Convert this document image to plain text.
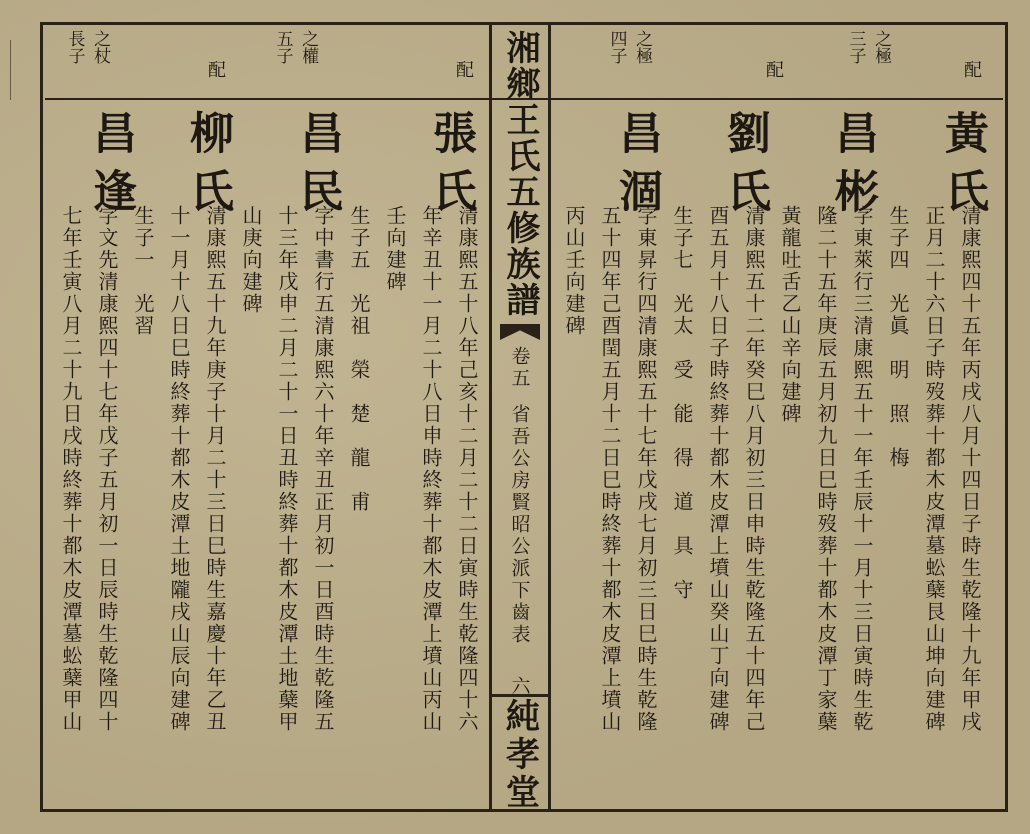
湘鄉王氏五修族譜
卷五
省吾公房賢昭公派下齒表
六
純孝堂
之極
三子
之極
四子
配
配
黃氏
昌彬
劉氏
昌涸
清康熙四十五年丙戌八月十四日子時生乾隆十九年甲戌
正月二十六日子時歿葬十都木皮潭墓蚣蘖艮山坤向建碑
生子四　光眞　明　照　梅
字東萊行三清康熙五十一年壬辰十一月十三日寅時生乾
隆二十五年庚辰五月初九日巳時歿葬十都木皮潭丁家蘖
黃龍吐舌乙山辛向建碑
清康熙五十二年癸巳八月初三日申時生乾隆五十四年己
酉五月十八日子時終葬十都木皮潭上墳山癸山丁向建碑
生子七　光太　受　能　得　道　具　守
字東昇行四清康熙五十七年戊戌七月初三日巳時生乾隆
五十四年己酉閏五月十二日巳時終葬十都木皮潭上墳山
丙山壬向建碑
之權
五子
之杖
長子
配
配
張氏
昌民
柳氏
昌逢
清康熙五十八年己亥十二月二十二日寅時生乾隆四十六
年辛丑十一月二十八日申時終葬十都木皮潭上墳山丙山
壬向建碑
生子五　光祖　榮　楚　龍　甫
字中書行五清康熙六十年辛丑正月初一日酉時生乾隆五
十三年戊申二月二十一日丑時終葬十都木皮潭土地蘖甲
山庚向建碑
清康熙五十九年庚子十月二十三日巳時生嘉慶十年乙丑
十一月十八日巳時終葬十都木皮潭土地隴戌山辰向建碑
生子一　光習
字文先清康熙四十七年戊子五月初一日辰時生乾隆四十
七年壬寅八月二十九日戌時終葬十都木皮潭墓蚣蘖甲山
